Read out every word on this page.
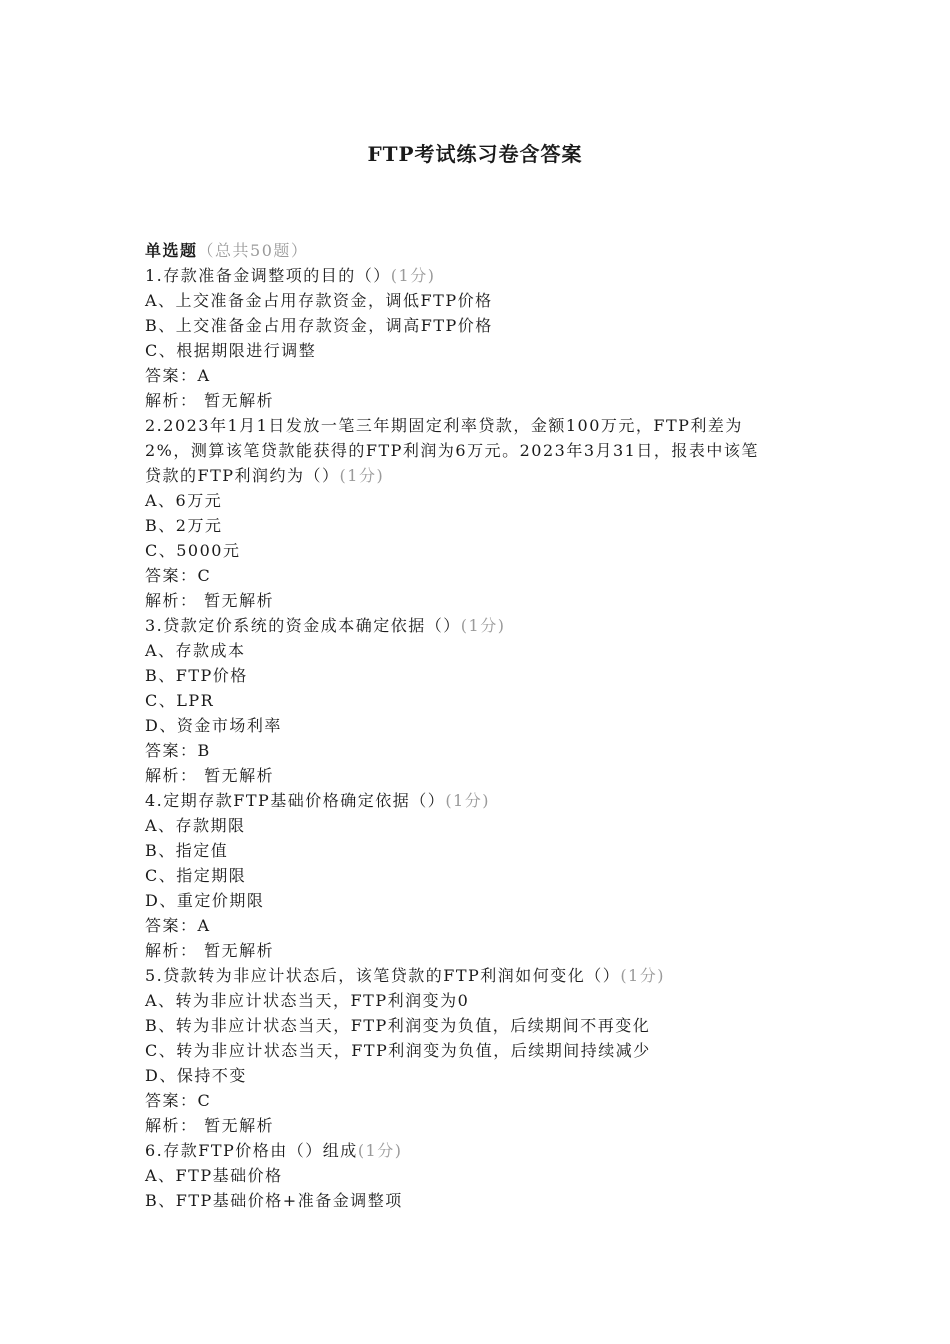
FTP考试练习卷含答案

单选题（总共50题）

1.存款准备金调整项的目的（）(1分)

A、上交准备金占用存款资金，调低FTP价格

B、上交准备金占用存款资金，调高FTP价格

C、根据期限进行调整

答案：A

解析： 暂无解析

2.2023年1月1日发放一笔三年期固定利率贷款，金额100万元，FTP利差为

2%，测算该笔贷款能获得的FTP利润为6万元。2023年3月31日，报表中该笔

贷款的FTP利润约为（）(1分)

A、6万元

B、2万元

C、5000元

答案：C

解析： 暂无解析

3.贷款定价系统的资金成本确定依据（）(1分)

A、存款成本

B、FTP价格

C、LPR

D、资金市场利率

答案：B

解析： 暂无解析

4.定期存款FTP基础价格确定依据（）(1分)

A、存款期限

B、指定值

C、指定期限

D、重定价期限

答案：A

解析： 暂无解析

5.贷款转为非应计状态后，该笔贷款的FTP利润如何变化（）(1分)

A、转为非应计状态当天，FTP利润变为0

B、转为非应计状态当天，FTP利润变为负值，后续期间不再变化

C、转为非应计状态当天，FTP利润变为负值，后续期间持续减少

D、保持不变

答案：C

解析： 暂无解析

6.存款FTP价格由（）组成(1分)

A、FTP基础价格

B、FTP基础价格+准备金调整项
